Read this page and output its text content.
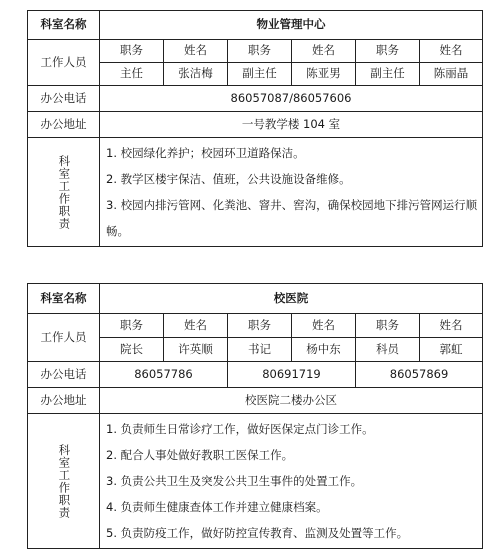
科室名称	物业管理中心					
工作人员	职务	姓名	职务	姓名	职务	姓名
	主任	张洁梅	副主任	陈亚男	副主任	陈丽晶
办公电话	86057087/86057606					
办公地址	一号教学楼 104 室					

科室工作职责	1. 校园绿化养护；校园环卫道路保洁。
2. 教学区楼宇保洁、值班，公共设施设备维修。
3. 校园内排污管网、化粪池、窨井、窖沟，确保校园地下排污管网运行顺畅。					
科室名称	校医院					
工作人员	职务	姓名	职务	姓名	职务	姓名
	院长	许英顺	书记	杨中东	科员	郭虹
办公电话	86057786		80691719		86057869	
办公地址	校医院二楼办公区					

科室工作职责	1. 负责师生日常诊疗工作，做好医保定点门诊工作。
2. 配合人事处做好教职工医保工作。
3. 负责公共卫生及突发公共卫生事件的处置工作。
4. 负责师生健康查体工作并建立健康档案。
5. 负责防疫工作，做好防控宣传教育、监测及处置等工作。					
